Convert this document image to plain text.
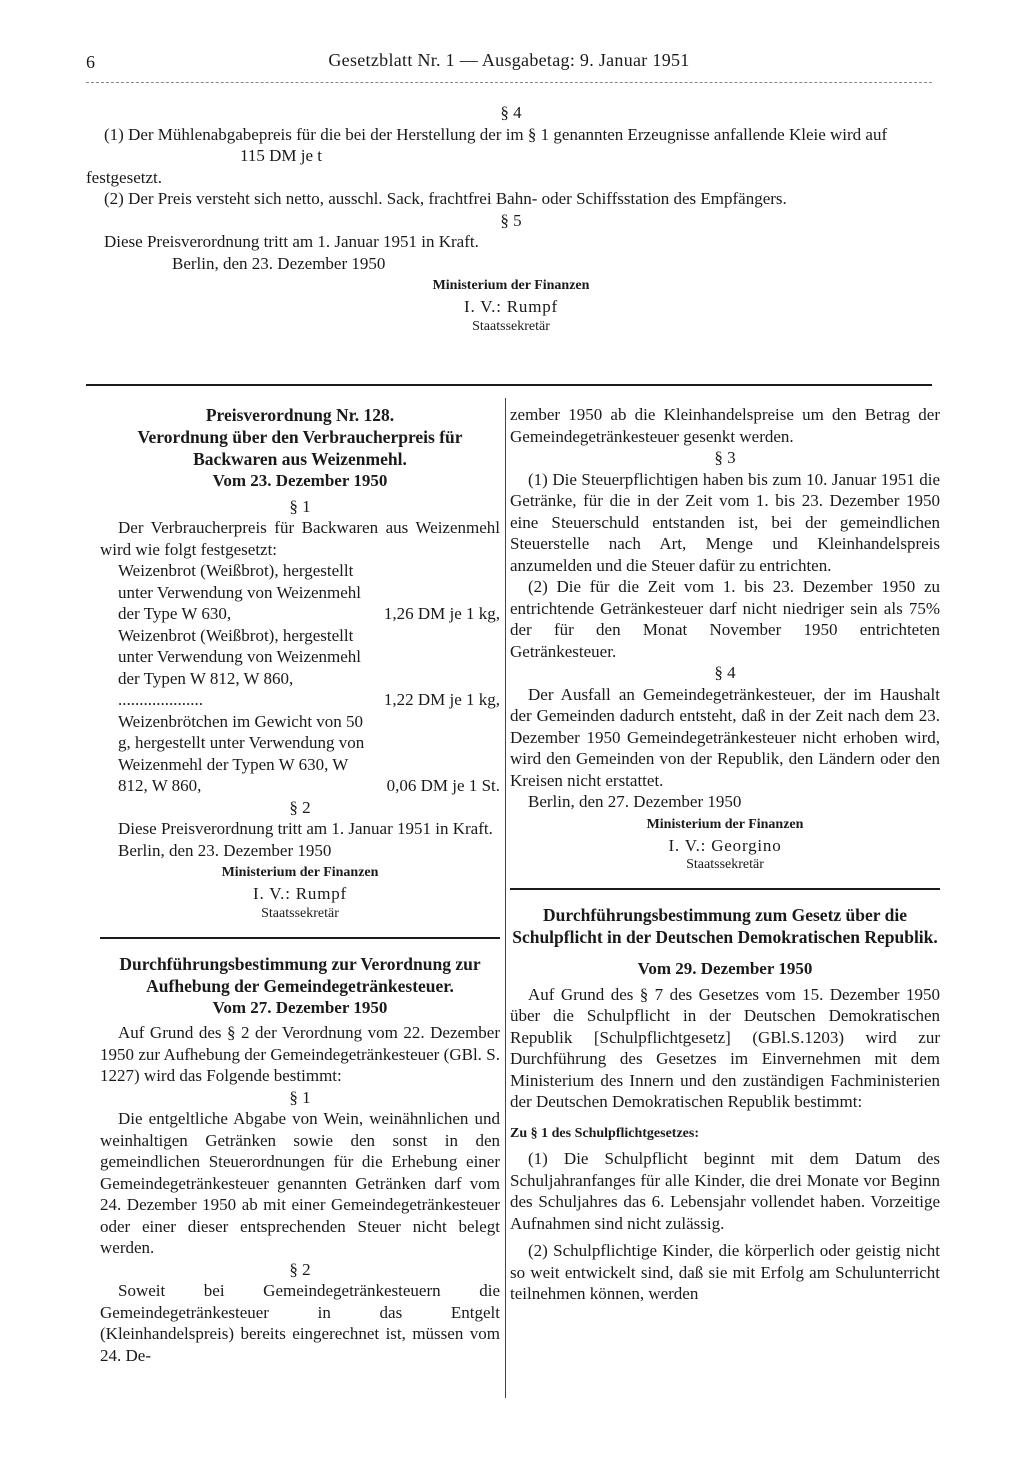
6	Gesetzblatt Nr. 1 — Ausgabetag: 9. Januar 1951

§ 4

(1) Der Mühlenabgabepreis für die bei der Herstellung der im § 1 genannten Erzeugnisse anfallende Kleie wird auf

115 DM je t

festgesetzt.

(2) Der Preis versteht sich netto, ausschl. Sack, frachtfrei Bahn- oder Schiffsstation des Empfängers.

§ 5

Diese Preisverordnung tritt am 1. Januar 1951 in Kraft.

Berlin, den 23. Dezember 1950

Ministerium der Finanzen
I. V.: Rumpf
Staatssekretär

Preisverordnung Nr. 128.

Verordnung über den Verbraucherpreis für Backwaren aus Weizenmehl.

Vom 23. Dezember 1950

§ 1

Der Verbraucherpreis für Backwaren aus Weizenmehl wird wie folgt festgesetzt:

Weizenbrot (Weißbrot), hergestellt unter Verwendung von Weizenmehl der Type W 630,	1,26 DM je 1 kg,
Weizenbrot (Weißbrot), hergestellt unter Verwendung von Weizenmehl der Typen W 812, W 860, ....................	1,22 DM je 1 kg,
Weizenbrötchen im Gewicht von 50 g, hergestellt unter Verwendung von Weizenmehl der Typen W 630, W 812, W 860,	0,06 DM je 1 St.

§ 2

Diese Preisverordnung tritt am 1. Januar 1951 in Kraft.

Berlin, den 23. Dezember 1950

Ministerium der Finanzen
I. V.: Rumpf
Staatssekretär

Durchführungsbestimmung zur Verordnung zur Aufhebung der Gemeindegetränkesteuer.

Vom 27. Dezember 1950

Auf Grund des § 2 der Verordnung vom 22. Dezember 1950 zur Aufhebung der Gemeindegetränkesteuer (GBl. S. 1227) wird das Folgende bestimmt:

§ 1

Die entgeltliche Abgabe von Wein, weinähnlichen und weinhaltigen Getränken sowie den sonst in den gemeindlichen Steuerordnungen für die Erhebung einer Gemeindegetränkesteuer genannten Getränken darf vom 24. Dezember 1950 ab mit einer Gemeindegetränkesteuer oder einer dieser entsprechenden Steuer nicht belegt werden.

§ 2

Soweit bei Gemeindegetränkesteuern die Gemeindegetränkesteuer in das Entgelt (Kleinhandelspreis) bereits eingerechnet ist, müssen vom 24. De-

zember 1950 ab die Kleinhandelspreise um den Betrag der Gemeindegetränkesteuer gesenkt werden.

§ 3

(1) Die Steuerpflichtigen haben bis zum 10. Januar 1951 die Getränke, für die in der Zeit vom 1. bis 23. Dezember 1950 eine Steuerschuld entstanden ist, bei der gemeindlichen Steuerstelle nach Art, Menge und Kleinhandelspreis anzumelden und die Steuer dafür zu entrichten.

(2) Die für die Zeit vom 1. bis 23. Dezember 1950 zu entrichtende Getränkesteuer darf nicht niedriger sein als 75% der für den Monat November 1950 entrichteten Getränkesteuer.

§ 4

Der Ausfall an Gemeindegetränkesteuer, der im Haushalt der Gemeinden dadurch entsteht, daß in der Zeit nach dem 23. Dezember 1950 Gemeindegetränkesteuer nicht erhoben wird, wird den Gemeinden von der Republik, den Ländern oder den Kreisen nicht erstattet.

Berlin, den 27. Dezember 1950

Ministerium der Finanzen
I. V.: Georgino
Staatssekretär

Durchführungsbestimmung zum Gesetz über die Schulpflicht in der Deutschen Demokratischen Republik.

Vom 29. Dezember 1950

Auf Grund des § 7 des Gesetzes vom 15. Dezember 1950 über die Schulpflicht in der Deutschen Demokratischen Republik [Schulpflichtgesetz] (GBl.S.1203) wird zur Durchführung des Gesetzes im Einvernehmen mit dem Ministerium des Innern und den zuständigen Fachministerien der Deutschen Demokratischen Republik bestimmt:

Zu § 1 des Schulpflichtgesetzes:

(1) Die Schulpflicht beginnt mit dem Datum des Schuljahranfanges für alle Kinder, die drei Monate vor Beginn des Schuljahres das 6. Lebensjahr vollendet haben. Vorzeitige Aufnahmen sind nicht zulässig.

(2) Schulpflichtige Kinder, die körperlich oder geistig nicht so weit entwickelt sind, daß sie mit Erfolg am Schulunterricht teilnehmen können, werden
